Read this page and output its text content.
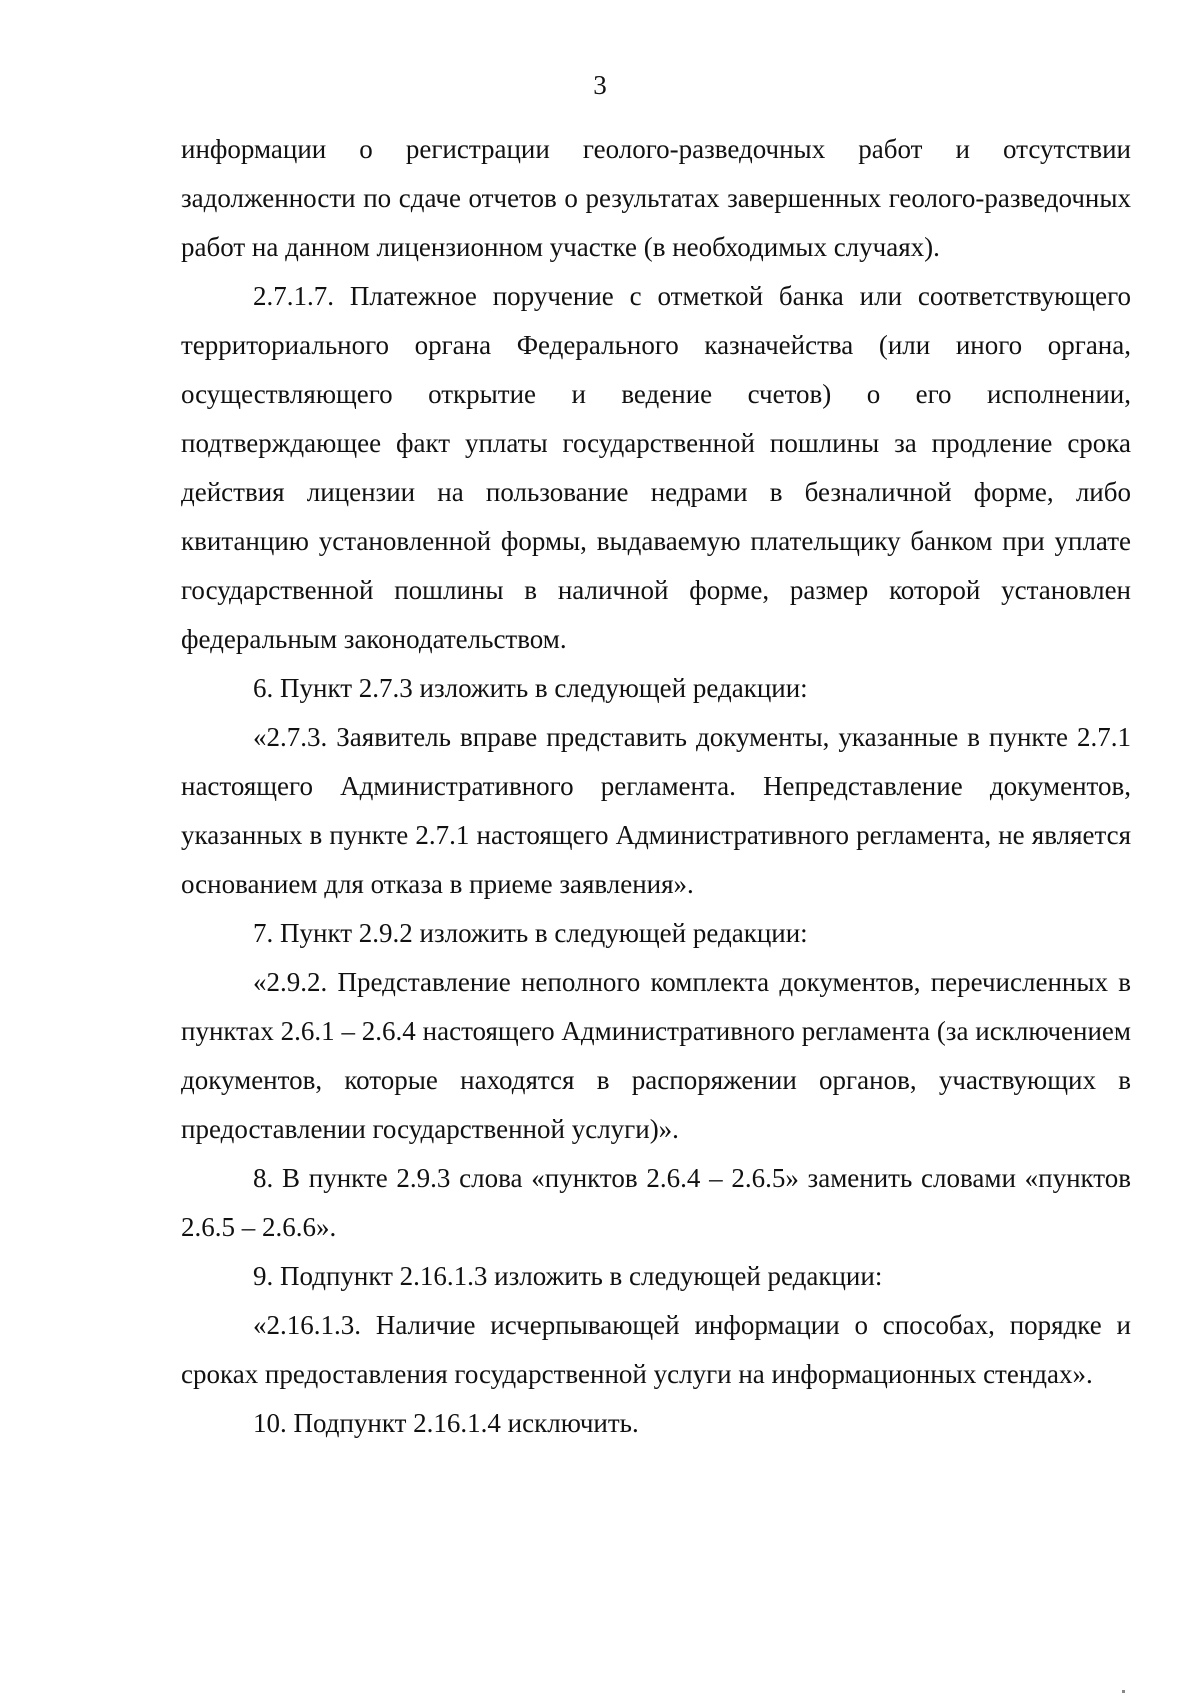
3

информации о регистрации геолого-разведочных работ и отсутствии задолженности по сдаче отчетов о результатах завершенных геолого-разведочных работ на данном лицензионном участке (в необходимых случаях).

2.7.1.7. Платежное поручение с отметкой банка или соответствующего территориального органа Федерального казначейства (или иного органа, осуществляющего открытие и ведение счетов) о его исполнении, подтверждающее факт уплаты государственной пошлины за продление срока действия лицензии на пользование недрами в безналичной форме, либо квитанцию установленной формы, выдаваемую плательщику банком при уплате государственной пошлины в наличной форме, размер которой установлен федеральным законодательством.

6. Пункт 2.7.3 изложить в следующей редакции:

«2.7.3. Заявитель вправе представить документы, указанные в пункте 2.7.1 настоящего Административного регламента. Непредставление документов, указанных в пункте 2.7.1 настоящего Административного регламента, не является основанием для отказа в приеме заявления».

7. Пункт 2.9.2 изложить в следующей редакции:

«2.9.2. Представление неполного комплекта документов, перечисленных в пунктах 2.6.1 – 2.6.4 настоящего Административного регламента (за исключением документов, которые находятся в распоряжении органов, участвующих в предоставлении государственной услуги)».

8. В пункте 2.9.3 слова «пунктов 2.6.4 – 2.6.5» заменить словами «пунктов 2.6.5 – 2.6.6».

9. Подпункт 2.16.1.3 изложить в следующей редакции:

«2.16.1.3. Наличие исчерпывающей информации о способах, порядке и сроках предоставления государственной услуги на информационных стендах».

10. Подпункт 2.16.1.4 исключить.
